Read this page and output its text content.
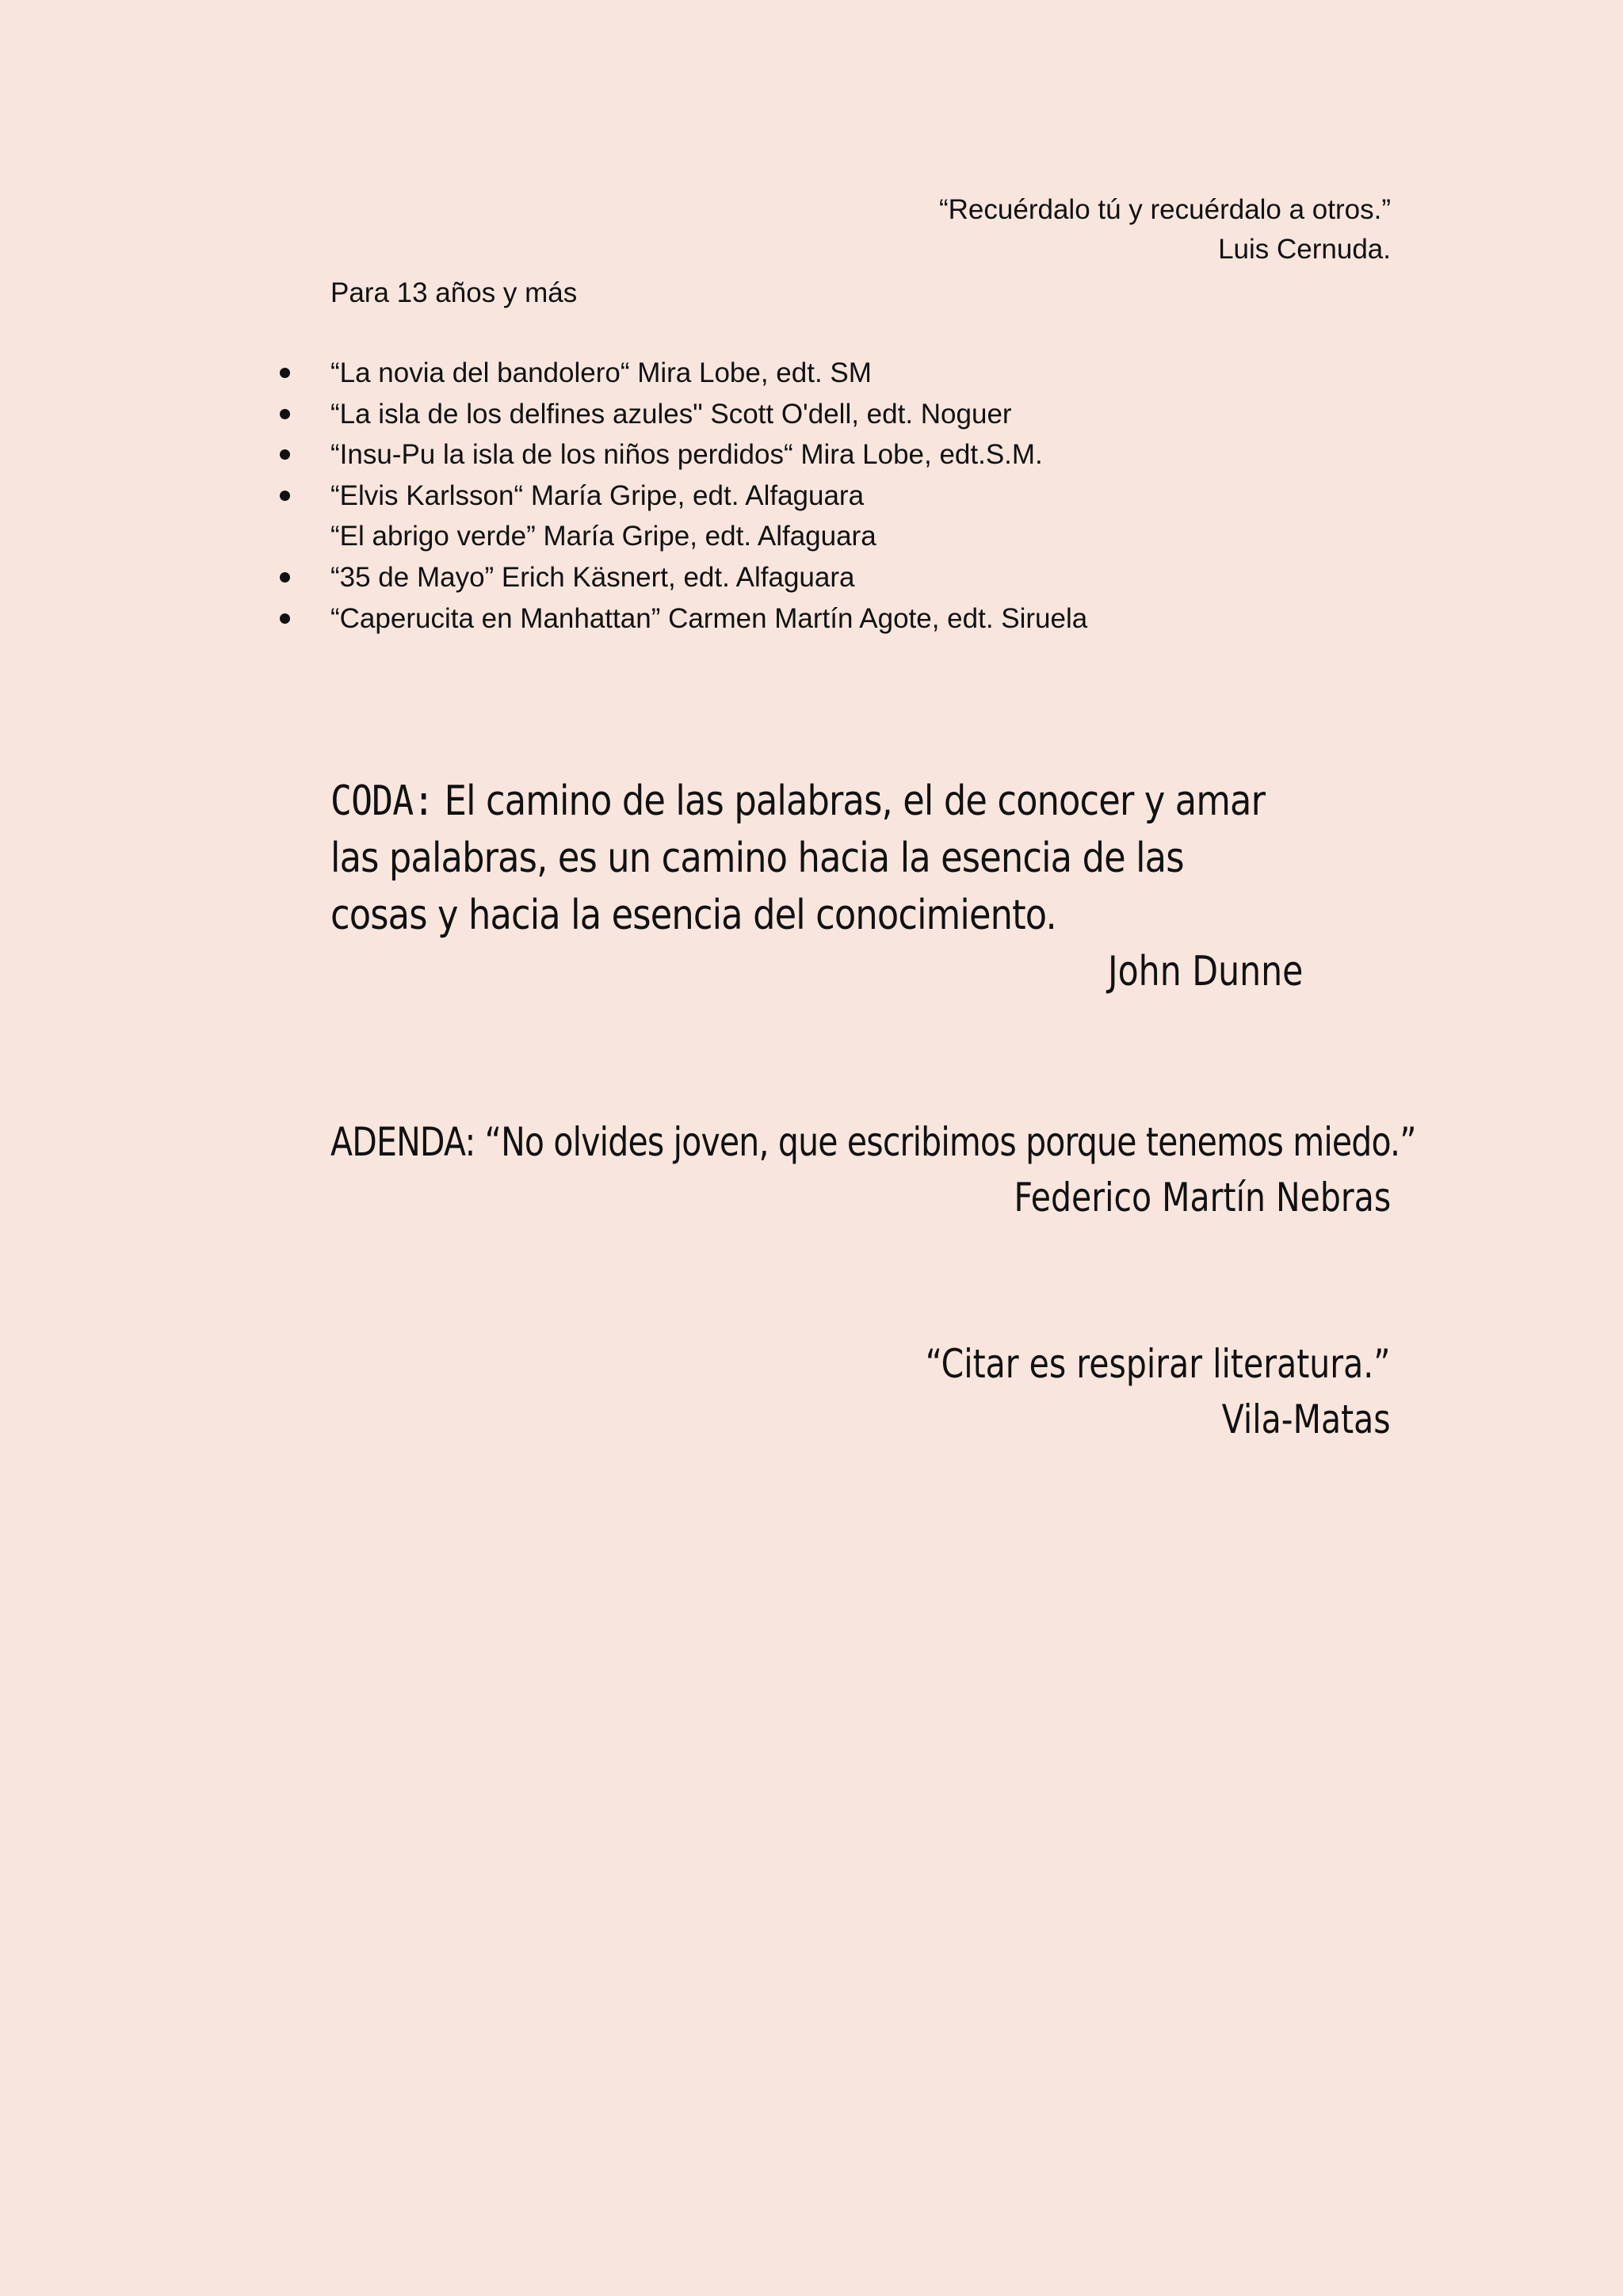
“Recuérdalo tú y recuérdalo a otros.”
Luis Cernuda.
Para 13 años y más
“La novia del bandolero“ Mira Lobe, edt. SM
“La isla de los delfines azules" Scott O'dell, edt. Noguer
“Insu-Pu la isla de los niños perdidos“ Mira Lobe, edt.S.M.
“Elvis Karlsson“ María Gripe, edt. Alfaguara
“El abrigo verde” María Gripe, edt. Alfaguara
“35 de Mayo” Erich Käsnert, edt. Alfaguara
“Caperucita en Manhattan” Carmen Martín Agote, edt. Siruela
CODA: El camino de las palabras, el de conocer y amar las palabras, es un camino hacia la esencia de las cosas y hacia la esencia del conocimiento.
John Dunne
ADENDA: “No olvides joven, que escribimos porque tenemos miedo.”
Federico Martín Nebras
“Citar es respirar literatura.”
Vila-Matas
